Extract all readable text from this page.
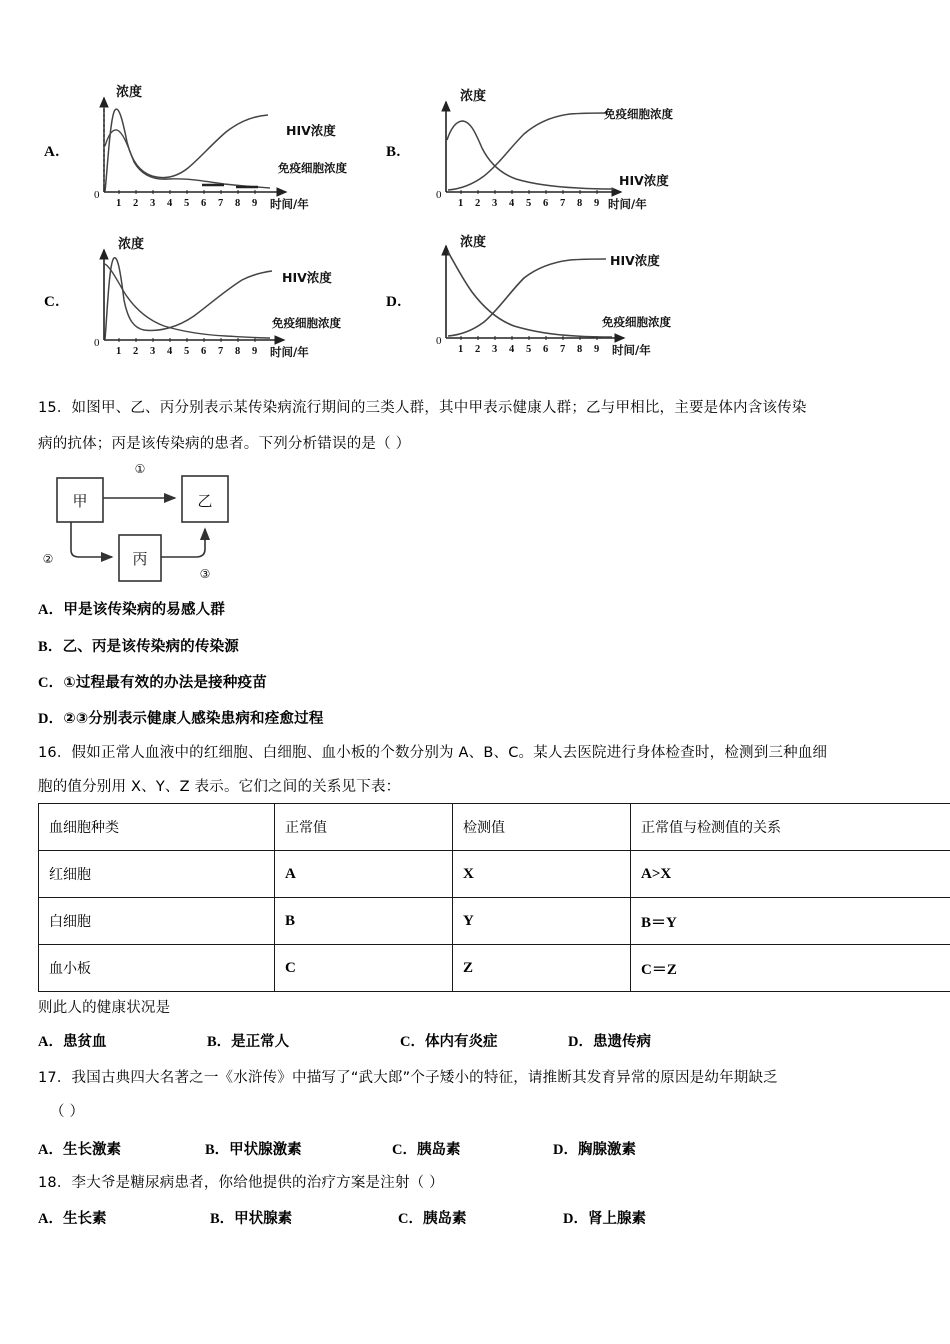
A.
浓度
0
1 2 3 4 5 6 7 8 9 时间/年
HIV浓度
免疫细胞浓度
B.
浓度
0
1 2 3 4 5 6 7 8 9 时间/年
免疫细胞浓度
HIV浓度
C.
浓度
0
1 2 3 4 5 6 7 8 9 时间/年
HIV浓度
免疫细胞浓度
D.
浓度
0
1 2 3 4 5 6 7 8 9 时间/年
HIV浓度
免疫细胞浓度
15．如图甲、乙、丙分别表示某传染病流行期间的三类人群，其中甲表示健康人群；乙与甲相比，主要是体内含该传染
病的抗体；丙是该传染病的患者。下列分析错误的是（ ）
甲	乙
丙
①
②
③
A．甲是该传染病的易感人群
B．乙、丙是该传染病的传染源
C．①过程最有效的办法是接种疫苗
D．②③分别表示健康人感染患病和痊愈过程
16．假如正常人血液中的红细胞、白细胞、血小板的个数分别为 A、B、C。某人去医院进行身体检查时，检测到三种血细
胞的值分别用 X、Y、Z 表示。它们之间的关系见下表：
血细胞种类	正常值	检测值	正常值与检测值的关系
红细胞	A	X	A>X
白细胞	B	Y	B＝Y
血小板	C	Z	C＝Z
则此人的健康状况是
A．患贫血	B．是正常人	C．体内有炎症	D．患遗传病
17．我国古典四大名著之一《水浒传》中描写了“武大郎”个子矮小的特征，请推断其发育异常的原因是幼年期缺乏
（ ）
A．生长激素	B．甲状腺激素	C．胰岛素	D．胸腺激素
18．李大爷是糖尿病患者，你给他提供的治疗方案是注射（ ）
A．生长素	B．甲状腺素	C．胰岛素	D．肾上腺素
